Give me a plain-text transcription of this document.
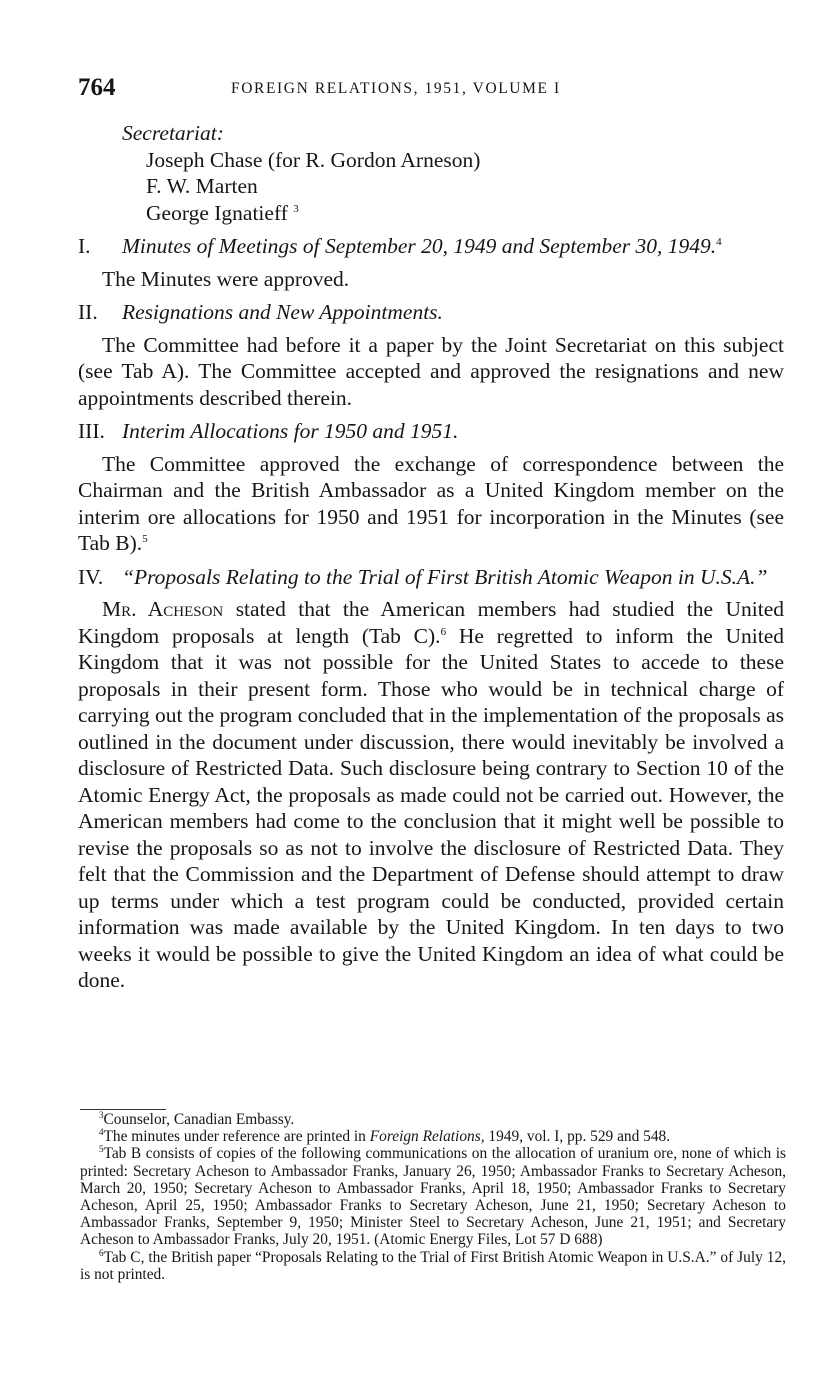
764	FOREIGN RELATIONS, 1951, VOLUME I

Secretariat:

Joseph Chase (for R. Gordon Arneson)

F. W. Marten

George Ignatieff $^3$

I. Minutes of Meetings of September 20, 1949 and September 30, 1949.$^4$

The Minutes were approved.

II. Resignations and New Appointments.

The Committee had before it a paper by the Joint Secretariat on this subject (see Tab A). The Committee accepted and approved the resignations and new appointments described therein.

III. Interim Allocations for 1950 and 1951.

The Committee approved the exchange of correspondence between the Chairman and the British Ambassador as a United Kingdom member on the interim ore allocations for 1950 and 1951 for incorporation in the Minutes (see Tab B).$^5$

IV. “Proposals Relating to the Trial of First British Atomic Weapon in U.S.A.”

Mr. Acheson stated that the American members had studied the United Kingdom proposals at length (Tab C).$^6$ He regretted to inform the United Kingdom that it was not possible for the United States to accede to these proposals in their present form. Those who would be in technical charge of carrying out the program concluded that in the implementation of the proposals as outlined in the document under discussion, there would inevitably be involved a disclosure of Restricted Data. Such disclosure being contrary to Section 10 of the Atomic Energy Act, the proposals as made could not be carried out. However, the American members had come to the conclusion that it might well be possible to revise the proposals so as not to involve the disclosure of Restricted Data. They felt that the Commission and the Department of Defense should attempt to draw up terms under which a test program could be conducted, provided certain information was made available by the United Kingdom. In ten days to two weeks it would be possible to give the United Kingdom an idea of what could be done.

$^3$Counselor, Canadian Embassy.

$^4$The minutes under reference are printed in Foreign Relations, 1949, vol. I, pp. 529 and 548.

$^5$Tab B consists of copies of the following communications on the allocation of uranium ore, none of which is printed: Secretary Acheson to Ambassador Franks, January 26, 1950; Ambassador Franks to Secretary Acheson, March 20, 1950; Secretary Acheson to Ambassador Franks, April 18, 1950; Ambassador Franks to Secretary Acheson, April 25, 1950; Ambassador Franks to Secretary Acheson, June 21, 1950; Secretary Acheson to Ambassador Franks, September 9, 1950; Minister Steel to Secretary Acheson, June 21, 1951; and Secretary Acheson to Ambassador Franks, July 20, 1951. (Atomic Energy Files, Lot 57 D 688)

$^6$Tab C, the British paper “Proposals Relating to the Trial of First British Atomic Weapon in U.S.A.” of July 12, is not printed.
